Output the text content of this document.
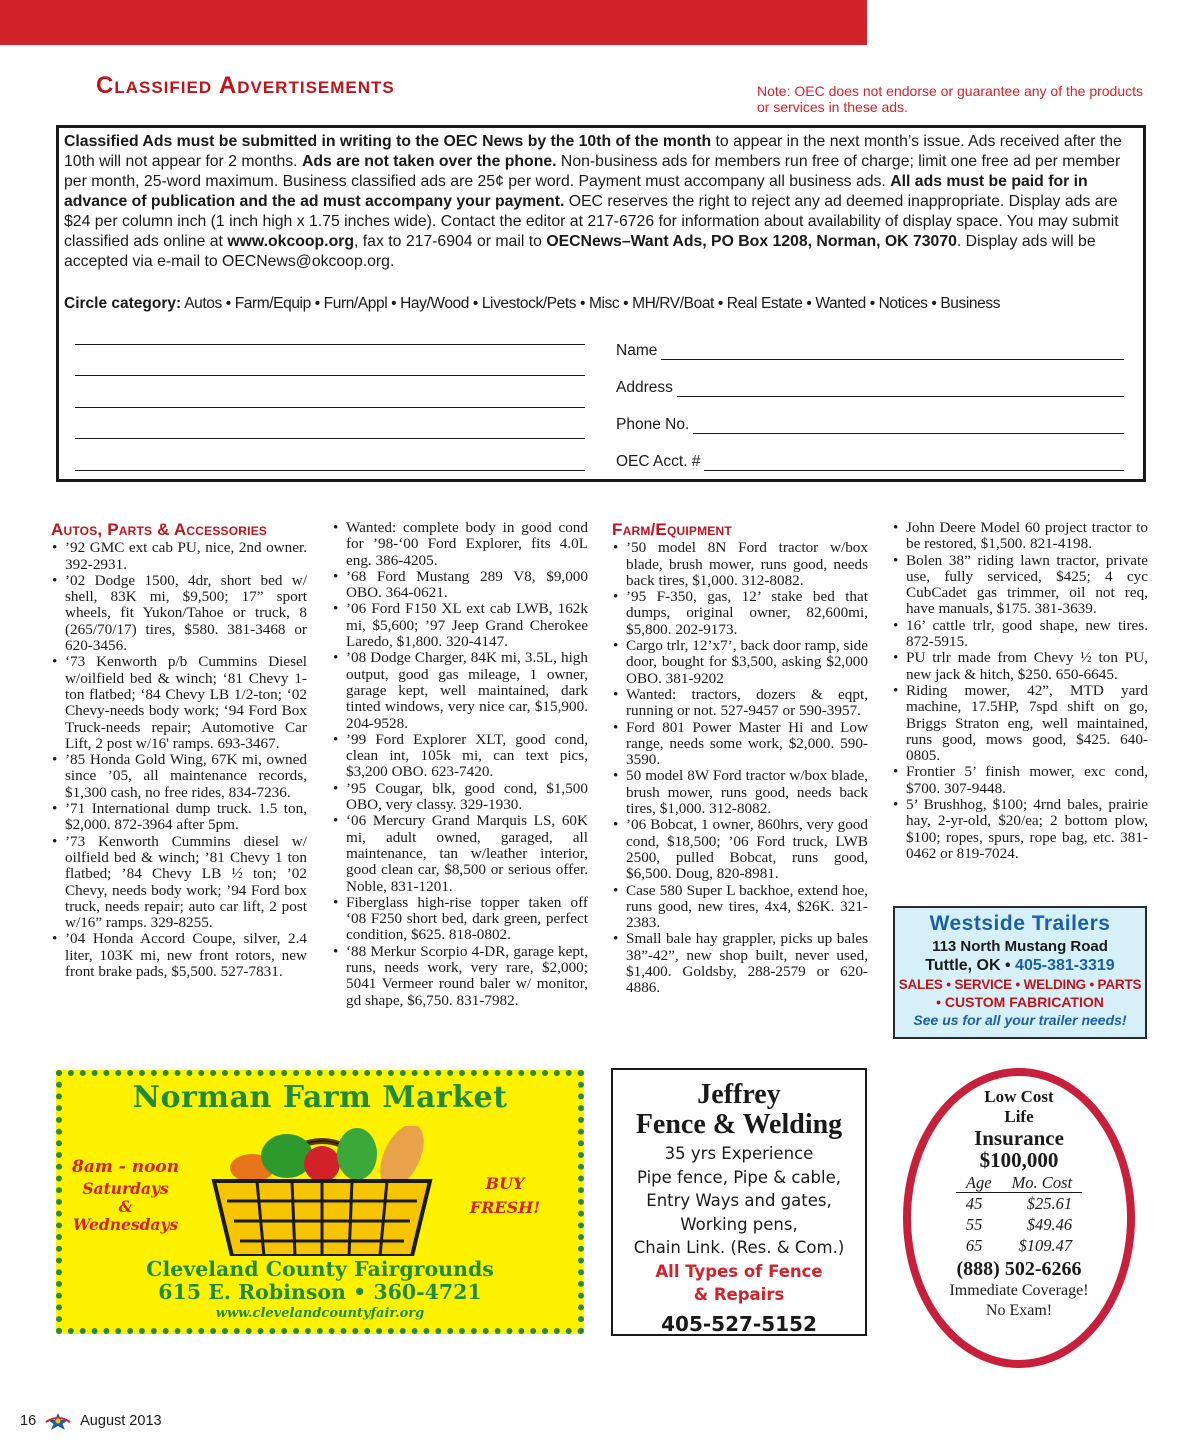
Classified Advertisements	Note: OEC does not endorse or guarantee any of the products or services in these ads.
Classified Ads must be submitted in writing to the OEC News by the 10th of the month to appear in the next month’s issue. Ads received after the 10th will not appear for 2 months. Ads are not taken over the phone. Non-business ads for members run free of charge; limit one free ad per member per month, 25-word maximum. Business classified ads are 25¢ per word. Payment must accompany all business ads. All ads must be paid for in advance of publication and the ad must accompany your payment. OEC reserves the right to reject any ad deemed inappropriate. Display ads are $24 per column inch (1 inch high x 1.75 inches wide). Contact the editor at 217-6726 for information about availability of display space. You may submit classified ads online at www.okcoop.org, fax to 217-6904 or mail to OECNews–Want Ads, PO Box 1208, Norman, OK 73070. Display ads will be accepted via e-mail to OECNews@okcoop.org.
Circle category: Autos • Farm/Equip • Furn/Appl • Hay/Wood • Livestock/Pets • Misc • MH/RV/Boat • Real Estate • Wanted • Notices • Business
Name
Address
Phone No.
OEC Acct. #
Autos, Parts & Accessories
• ’92 GMC ext cab PU, nice, 2nd owner. 392-2931.
• ’02 Dodge 1500, 4dr, short bed w/ shell, 83K mi, $9,500; 17” sport wheels, fit Yukon/Tahoe or truck, 8 (265/70/17) tires, $580. 381-3468 or 620-3456.
• ‘73 Kenworth p/b Cummins Diesel w/oilfield bed & winch; ‘81 Chevy 1-ton flatbed; ‘84 Chevy LB 1/2-ton; ‘02 Chevy-needs body work; ‘94 Ford Box Truck-needs repair; Automotive Car Lift, 2 post w/16' ramps. 693-3467.
• ’85 Honda Gold Wing, 67K mi, owned since ’05, all maintenance records, $1,300 cash, no free rides, 834-7236.
• ’71 International dump truck. 1.5 ton, $2,000. 872-3964 after 5pm.
• ’73 Kenworth Cummins diesel w/ oilfield bed & winch; ’81 Chevy 1 ton flatbed; ’84 Chevy LB ½ ton; ’02 Chevy, needs body work; ’94 Ford box truck, needs repair; auto car lift, 2 post w/16” ramps. 329-8255.
• ’04 Honda Accord Coupe, silver, 2.4 liter, 103K mi, new front rotors, new front brake pads, $5,500. 527-7831.
• Wanted: complete body in good cond for ’98-‘00 Ford Explorer, fits 4.0L eng. 386-4205.
• ’68 Ford Mustang 289 V8, $9,000 OBO. 364-0621.
• ’06 Ford F150 XL ext cab LWB, 162k mi, $5,600; ’97 Jeep Grand Cherokee Laredo, $1,800. 320-4147.
• ’08 Dodge Charger, 84K mi, 3.5L, high output, good gas mileage, 1 owner, garage kept, well maintained, dark tinted windows, very nice car, $15,900. 204-9528.
• ’99 Ford Explorer XLT, good cond, clean int, 105k mi, can text pics, $3,200 OBO. 623-7420.
• ’95 Cougar, blk, good cond, $1,500 OBO, very classy. 329-1930.
• ‘06 Mercury Grand Marquis LS, 60K mi, adult owned, garaged, all maintenance, tan w/leather interior, good clean car, $8,500 or serious offer. Noble, 831-1201.
• Fiberglass high-rise topper taken off ‘08 F250 short bed, dark green, perfect condition, $625. 818-0802.
• ‘88 Merkur Scorpio 4-DR, garage kept, runs, needs work, very rare, $2,000; 5041 Vermeer round baler w/ monitor, gd shape, $6,750. 831-7982.
Farm/Equipment
• ’50 model 8N Ford tractor w/box blade, brush mower, runs good, needs back tires, $1,000. 312-8082.
• ’95 F-350, gas, 12’ stake bed that dumps, original owner, 82,600mi, $5,800. 202-9173.
• Cargo trlr, 12’x7’, back door ramp, side door, bought for $3,500, asking $2,000 OBO. 381-9202
• Wanted: tractors, dozers & eqpt, running or not. 527-9457 or 590-3957.
• Ford 801 Power Master Hi and Low range, needs some work, $2,000. 590-3590.
• 50 model 8W Ford tractor w/box blade, brush mower, runs good, needs back tires, $1,000. 312-8082.
• ’06 Bobcat, 1 owner, 860hrs, very good cond, $18,500; ’06 Ford truck, LWB 2500, pulled Bobcat, runs good, $6,500. Doug, 820-8981.
• Case 580 Super L backhoe, extend hoe, runs good, new tires, 4x4, $26K. 321-2383.
• Small bale hay grappler, picks up bales 38”-42”, new shop built, never used, $1,400. Goldsby, 288-2579 or 620-4886.
• John Deere Model 60 project tractor to be restored, $1,500. 821-4198.
• Bolen 38” riding lawn tractor, private use, fully serviced, $425; 4 cyc CubCadet gas trimmer, oil not req, have manuals, $175. 381-3639.
• 16’ cattle trlr, good shape, new tires. 872-5915.
• PU trlr made from Chevy ½ ton PU, new jack & hitch, $250. 650-6645.
• Riding mower, 42”, MTD yard machine, 17.5HP, 7spd shift on go, Briggs Straton eng, well maintained, runs good, mows good, $425. 640-0805.
• Frontier 5’ finish mower, exc cond, $700. 307-9448.
• 5’ Brushhog, $100; 4rnd bales, prairie hay, 2-yr-old, $20/ea; 2 bottom plow, $100; ropes, spurs, rope bag, etc. 381-0462 or 819-7024.
Westside Trailers
113 North Mustang Road
Tuttle, OK • 405-381-3319
SALES • SERVICE • WELDING • PARTS
• CUSTOM FABRICATION
See us for all your trailer needs!
Norman Farm Market
8am - noon
Saturdays
&
Wednesdays
BUY
FRESH!
Cleveland County Fairgrounds
615 E. Robinson • 360-4721
www.clevelandcountyfair.org
Jeffrey
Fence & Welding
35 yrs Experience
Pipe fence, Pipe & cable,
Entry Ways and gates,
Working pens,
Chain Link. (Res. & Com.)
All Types of Fence
& Repairs
405-527-5152
Low Cost
Life
Insurance
$100,000
Age	Mo. Cost
45	$25.61
55	$49.46
65	$109.47
(888) 502-6266
Immediate Coverage!
No Exam!
16	August 2013
